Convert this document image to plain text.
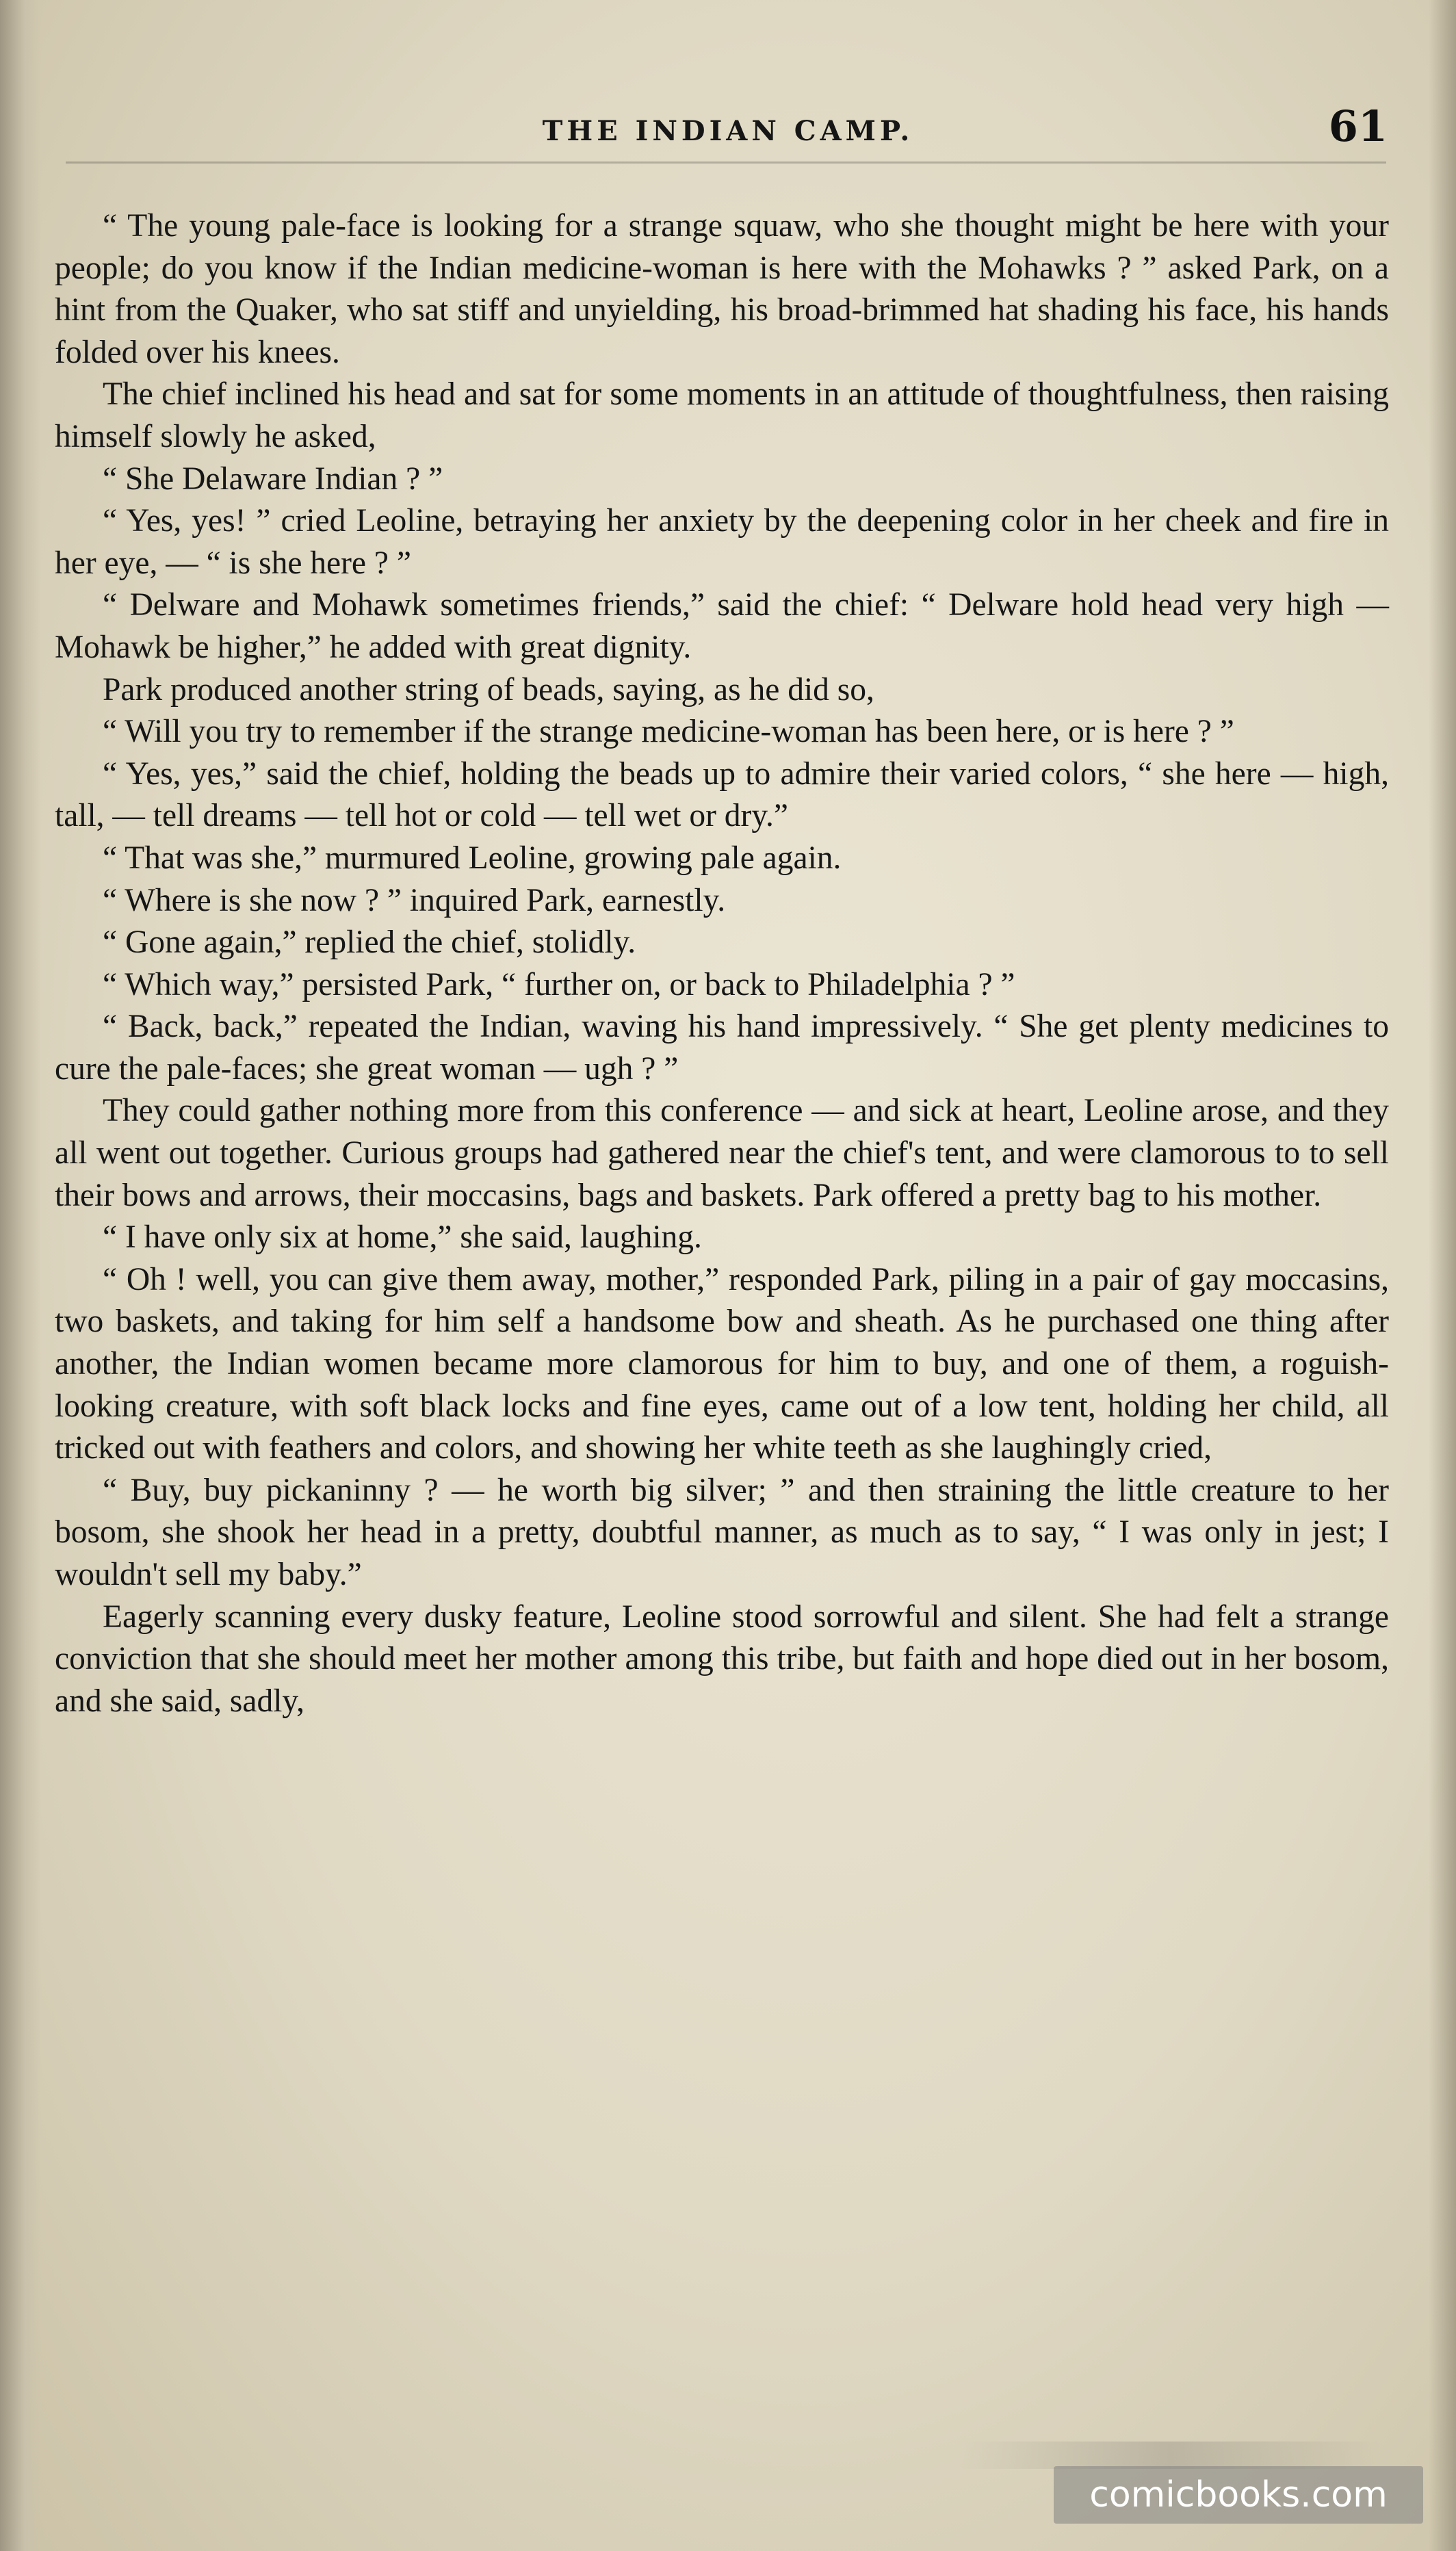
THE INDIAN CAMP.	61

“ The young pale-face is looking for a strange squaw, who she thought might be here with your people; do you know if the Indian medicine-woman is here with the Mohawks ? ” asked Park, on a hint from the Quaker, who sat stiff and unyielding, his broad-brimmed hat shading his face, his hands folded over his knees.

The chief inclined his head and sat for some moments in an attitude of thoughtfulness, then raising himself slowly he asked,

“ She Delaware Indian ? ”

“ Yes, yes! ” cried Leoline, betraying her anxiety by the deepening color in her cheek and fire in her eye, — “ is she here ? ”

“ Delware and Mohawk sometimes friends,” said the chief: “ Delware hold head very high — Mohawk be higher,” he added with great dignity.

Park produced another string of beads, saying, as he did so,

“ Will you try to remember if the strange medicine-woman has been here, or is here ? ”

“ Yes, yes,” said the chief, holding the beads up to admire their varied colors, “ she here — high, tall, — tell dreams — tell hot or cold — tell wet or dry.”

“ That was she,” murmured Leoline, growing pale again.

“ Where is she now ? ” inquired Park, earnestly.

“ Gone again,” replied the chief, stolidly.

“ Which way,” persisted Park, “ further on, or back to Philadelphia ? ”

“ Back, back,” repeated the Indian, waving his hand impressively. “ She get plenty medicines to cure the pale-faces; she great woman — ugh ? ”

They could gather nothing more from this conference — and sick at heart, Leoline arose, and they all went out together. Curious groups had gathered near the chief's tent, and were clamorous to to sell their bows and arrows, their moccasins, bags and baskets. Park offered a pretty bag to his mother.

“ I have only six at home,” she said, laughing.

“ Oh ! well, you can give them away, mother,” responded Park, piling in a pair of gay moccasins, two baskets, and taking for him self a handsome bow and sheath. As he purchased one thing after another, the Indian women became more clamorous for him to buy, and one of them, a roguish-looking creature, with soft black locks and fine eyes, came out of a low tent, holding her child, all tricked out with feathers and colors, and showing her white teeth as she laughingly cried,

“ Buy, buy pickaninny ? — he worth big silver; ” and then straining the little creature to her bosom, she shook her head in a pretty, doubtful manner, as much as to say, “ I was only in jest; I wouldn't sell my baby.”

Eagerly scanning every dusky feature, Leoline stood sorrowful and silent. She had felt a strange conviction that she should meet her mother among this tribe, but faith and hope died out in her bosom, and she said, sadly,

comicbooks.com
